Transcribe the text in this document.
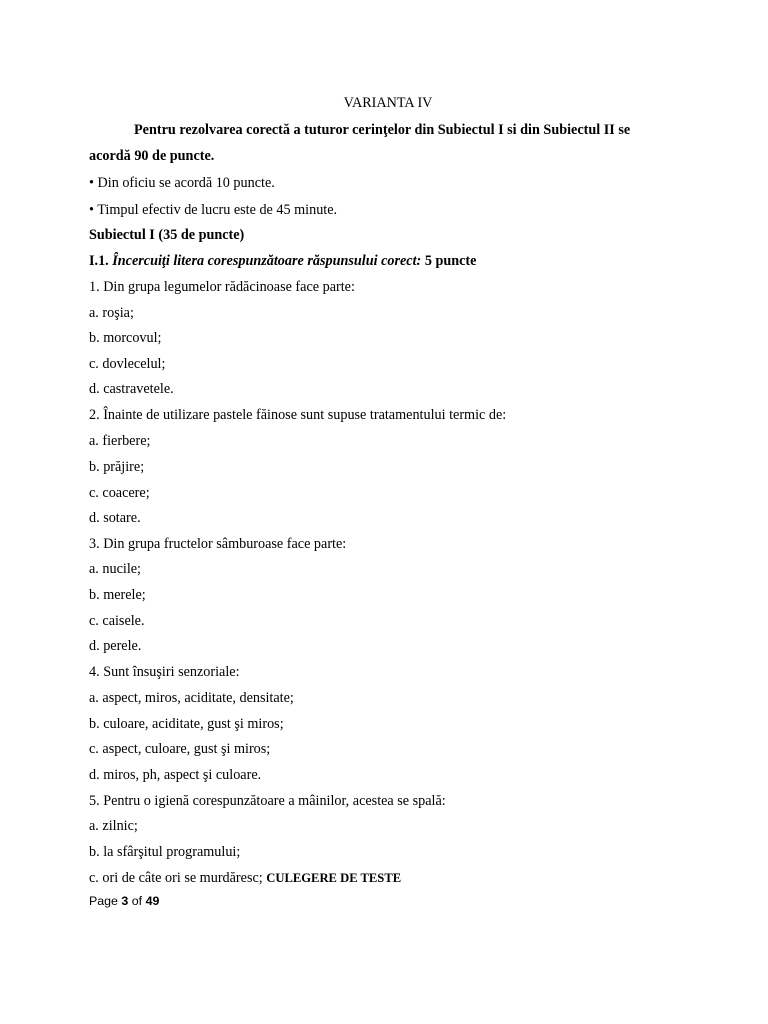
VARIANTA IV
Pentru rezolvarea corectă a tuturor cerinţelor din Subiectul I si din Subiectul II se
acordă 90 de puncte.
• Din oficiu se acordă 10 puncte.
• Timpul efectiv de lucru este de 45 minute.
Subiectul I (35 de puncte)
I.1. Încercuiţi litera corespunzătoare răspunsului corect: 5 puncte
1. Din grupa legumelor rădăcinoase face parte:
a. roşia;
b. morcovul;
c. dovlecelul;
d. castravetele.
2. Înainte de utilizare pastele făinose sunt supuse tratamentului termic de:
a. fierbere;
b. prăjire;
c. coacere;
d. sotare.
3. Din grupa fructelor sâmburoase face parte:
a. nucile;
b. merele;
c. caisele.
d. perele.
4. Sunt însuşiri senzoriale:
a. aspect, miros, aciditate, densitate;
b. culoare, aciditate, gust şi miros;
c. aspect, culoare, gust şi miros;
d. miros, ph, aspect şi culoare.
5. Pentru o igienă corespunzătoare a mâinilor, acestea se spală:
a. zilnic;
b. la sfârşitul programului;
c. ori de câte ori se murdăresc; CULEGERE DE TESTE
Page 3 of 49
